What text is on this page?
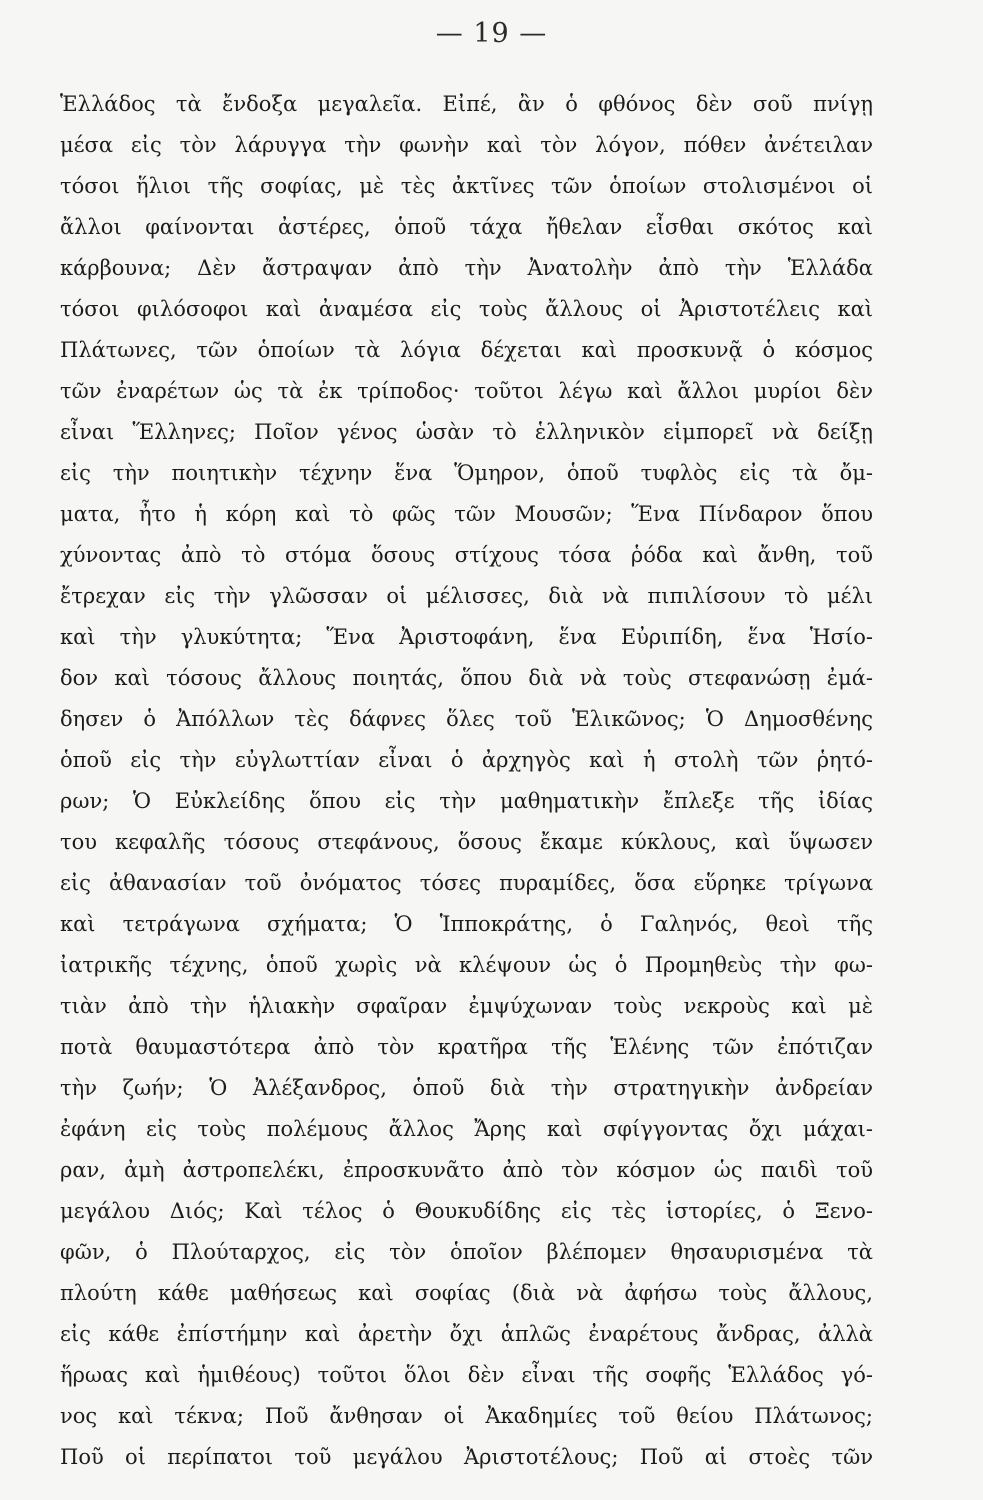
— 19 —
Ἑλλάδος τὰ ἔνδοξα μεγαλεῖα. Εἰπέ, ἂν ὁ φθόνος δὲν σοῦ πνίγῃ
μέσα εἰς τὸν λάρυγγα τὴν φωνὴν καὶ τὸν λόγον, πόθεν ἀνέτειλαν
τόσοι ἥλιοι τῆς σοφίας, μὲ τὲς ἀκτῖνες τῶν ὁποίων στολισμένοι οἱ
ἄλλοι φαίνονται ἀστέρες, ὁποῦ τάχα ἤθελαν εἶσθαι σκότος καὶ
κάρβουνα; Δὲν ἄστραψαν ἀπὸ τὴν Ἀνατολὴν ἀπὸ τὴν Ἑλλάδα
τόσοι φιλόσοφοι καὶ ἀναμέσα εἰς τοὺς ἄλλους οἱ Ἀριστοτέλεις καὶ
Πλάτωνες, τῶν ὁποίων τὰ λόγια δέχεται καὶ προσκυνᾷ ὁ κόσμος
τῶν ἐναρέτων ὡς τὰ ἐκ τρίποδος· τοῦτοι λέγω καὶ ἄλλοι μυρίοι δὲν
εἶναι Ἕλληνες; Ποῖον γένος ὡσὰν τὸ ἑλληνικὸν εἱμπορεῖ νὰ δείξῃ
εἰς τὴν ποιητικὴν τέχνην ἕνα Ὅμηρον, ὁποῦ τυφλὸς εἰς τὰ ὄμ-
ματα, ἦτο ἡ κόρη καὶ τὸ φῶς τῶν Μουσῶν; Ἕνα Πίνδαρον ὅπου
χύνοντας ἀπὸ τὸ στόμα ὅσους στίχους τόσα ῥόδα καὶ ἄνθη, τοῦ
ἔτρεχαν εἰς τὴν γλῶσσαν οἱ μέλισσες, διὰ νὰ πιπιλίσουν τὸ μέλι
καὶ τὴν γλυκύτητα; Ἕνα Ἀριστοφάνη, ἕνα Εὐριπίδη, ἕνα Ἡσίο-
δον καὶ τόσους ἄλλους ποιητάς, ὅπου διὰ νὰ τοὺς στεφανώσῃ ἐμά-
δησεν ὁ Ἀπόλλων τὲς δάφνες ὅλες τοῦ Ἑλικῶνος; Ὁ Δημοσθένης
ὁποῦ εἰς τὴν εὐγλωττίαν εἶναι ὁ ἀρχηγὸς καὶ ἡ στολὴ τῶν ῥητό-
ρων; Ὁ Εὐκλείδης ὅπου εἰς τὴν μαθηματικὴν ἔπλεξε τῆς ἰδίας
του κεφαλῆς τόσους στεφάνους, ὅσους ἔκαμε κύκλους, καὶ ὕψωσεν
εἰς ἀθανασίαν τοῦ ὀνόματος τόσες πυραμίδες, ὅσα εὕρηκε τρίγωνα
καὶ τετράγωνα σχήματα; Ὁ Ἱπποκράτης, ὁ Γαληνός, θεοὶ τῆς
ἰατρικῆς τέχνης, ὁποῦ χωρὶς νὰ κλέψουν ὡς ὁ Προμηθεὺς τὴν φω-
τιὰν ἀπὸ τὴν ἡλιακὴν σφαῖραν ἐμψύχωναν τοὺς νεκροὺς καὶ μὲ
ποτὰ θαυμαστότερα ἀπὸ τὸν κρατῆρα τῆς Ἑλένης τῶν ἐπότιζαν
τὴν ζωήν; Ὁ Ἀλέξανδρος, ὁποῦ διὰ τὴν στρατηγικὴν ἀνδρείαν
ἐφάνη εἰς τοὺς πολέμους ἄλλος Ἄρης καὶ σφίγγοντας ὄχι μάχαι-
ραν, ἀμὴ ἀστροπελέκι, ἐπροσκυνᾶτο ἀπὸ τὸν κόσμον ὡς παιδὶ τοῦ
μεγάλου Διός; Καὶ τέλος ὁ Θουκυδίδης εἰς τὲς ἱστορίες, ὁ Ξενο-
φῶν, ὁ Πλούταρχος, εἰς τὸν ὁποῖον βλέπομεν θησαυρισμένα τὰ
πλούτη κάθε μαθήσεως καὶ σοφίας (διὰ νὰ ἀφήσω τοὺς ἄλλους,
εἰς κάθε ἐπίστήμην καὶ ἀρετὴν ὄχι ἁπλῶς ἐναρέτους ἄνδρας, ἀλλὰ
ἥρωας καὶ ἡμιθέους) τοῦτοι ὅλοι δὲν εἶναι τῆς σοφῆς Ἑλλάδος γό-
νος καὶ τέκνα; Ποῦ ἄνθησαν οἱ Ἀκαδημίες τοῦ θείου Πλάτωνος;
Ποῦ οἱ περίπατοι τοῦ μεγάλου Ἀριστοτέλους; Ποῦ αἱ στοὲς τῶν
